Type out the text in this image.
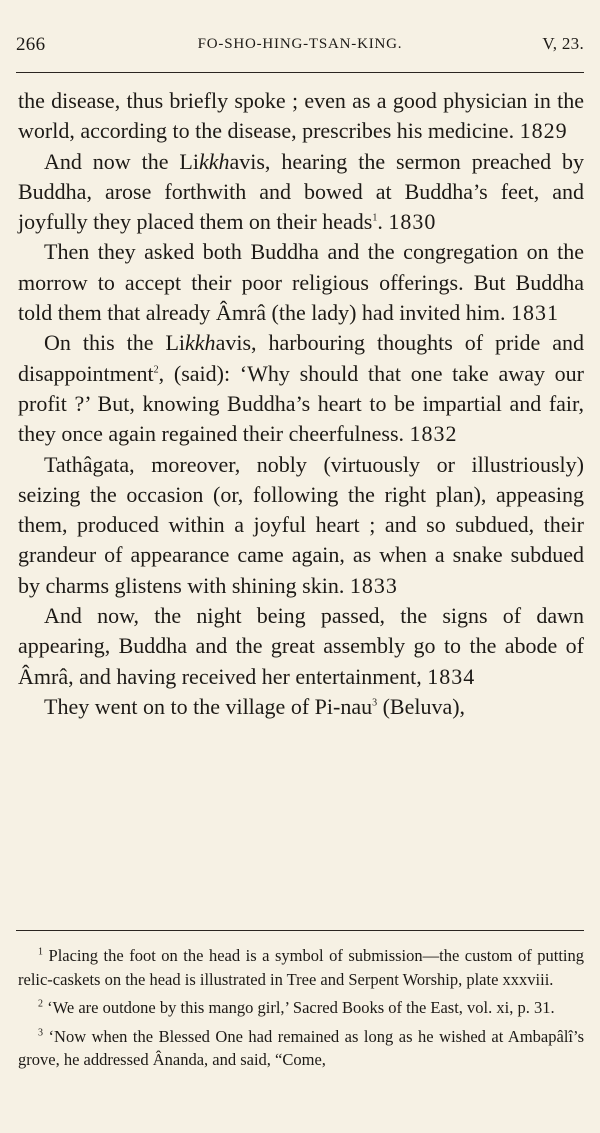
266	FO-SHO-HING-TSAN-KING.	V, 23.

the disease, thus briefly spoke ; even as a good physician in the world, according to the disease, prescribes his medicine. 1829

And now the Likkhavis, hearing the sermon preached by Buddha, arose forthwith and bowed at Buddha’s feet, and joyfully they placed them on their heads$^1$. 1830

Then they asked both Buddha and the congregation on the morrow to accept their poor religious offerings. But Buddha told them that already Âmrâ (the lady) had invited him. 1831

On this the Likkhavis, harbouring thoughts of pride and disappointment$^2$, (said): ‘Why should that one take away our profit ?’ But, knowing Buddha’s heart to be impartial and fair, they once again regained their cheerfulness. 1832

Tathâgata, moreover, nobly (virtuously or illustriously) seizing the occasion (or, following the right plan), appeasing them, produced within a joyful heart ; and so subdued, their grandeur of appearance came again, as when a snake subdued by charms glistens with shining skin. 1833

And now, the night being passed, the signs of dawn appearing, Buddha and the great assembly go to the abode of Âmrâ, and having received her entertainment, 1834

They went on to the village of Pi-nau$^3$ (Beluva),

$^1$ Placing the foot on the head is a symbol of submission—the custom of putting relic-caskets on the head is illustrated in Tree and Serpent Worship, plate xxxviii.

$^2$ ‘We are outdone by this mango girl,’ Sacred Books of the East, vol. xi, p. 31.

$^3$ ‘Now when the Blessed One had remained as long as he wished at Ambapâlî’s grove, he addressed Ânanda, and said, “Come,
